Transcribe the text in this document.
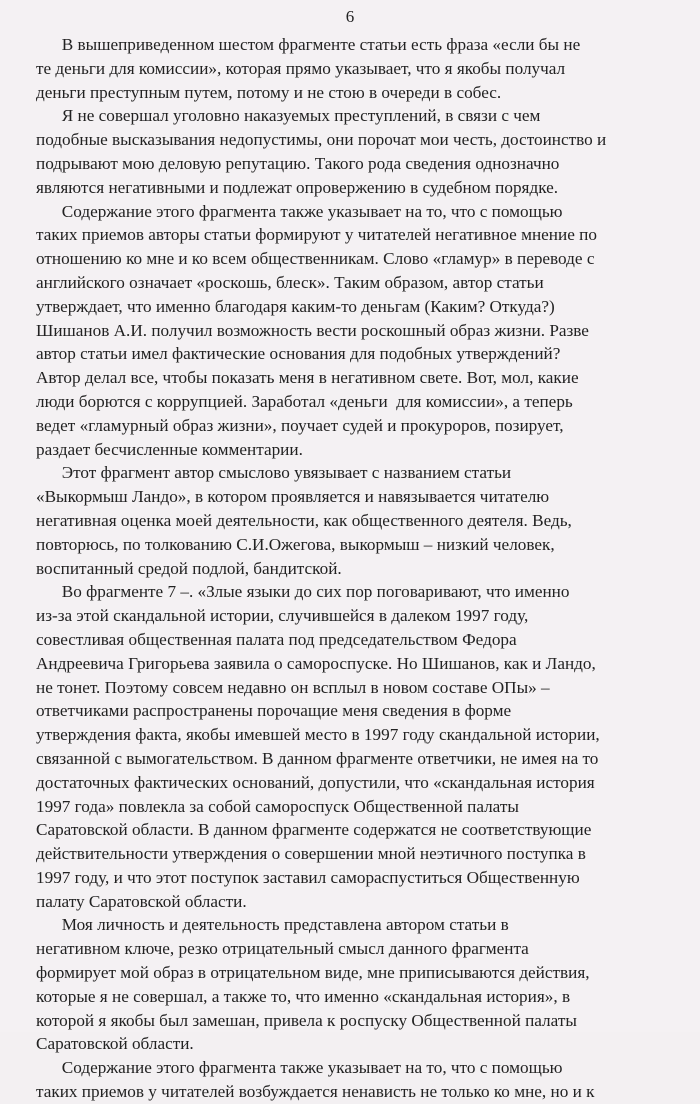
6

В вышеприведенном шестом фрагменте статьи есть фраза «если бы не
те деньги для комиссии», которая прямо указывает, что я якобы получал
деньги преступным путем, потому и не стою в очереди в собес.

Я не совершал уголовно наказуемых преступлений, в связи с чем
подобные высказывания недопустимы, они порочат мои честь, достоинство и
подрывают мою деловую репутацию. Такого рода сведения однозначно
являются негативными и подлежат опровержению в судебном порядке.

Содержание этого фрагмента также указывает на то, что с помощью
таких приемов авторы статьи формируют у читателей негативное мнение по
отношению ко мне и ко всем общественникам. Слово «гламур» в переводе с
английского означает «роскошь, блеск». Таким образом, автор статьи
утверждает, что именно благодаря каким-то деньгам (Каким? Откуда?)
Шишанов А.И. получил возможность вести роскошный образ жизни. Разве
автор статьи имел фактические основания для подобных утверждений?
Автор делал все, чтобы показать меня в негативном свете. Вот, мол, какие
люди борются с коррупцией. Заработал «деньги  для комиссии», а теперь
ведет «гламурный образ жизни», поучает судей и прокуроров, позирует,
раздает бесчисленные комментарии.

Этот фрагмент автор смыслово увязывает с названием статьи
«Выкормыш Ландо», в котором проявляется и навязывается читателю
негативная оценка моей деятельности, как общественного деятеля. Ведь,
повторюсь, по толкованию С.И.Ожегова, выкормыш – низкий человек,
воспитанный средой подлой, бандитской.

Во фрагменте 7 –. «Злые языки до сих пор поговаривают, что именно
из-за этой скандальной истории, случившейся в далеком 1997 году,
совестливая общественная палата под председательством Федора
Андреевича Григорьева заявила о самороспуске. Но Шишанов, как и Ландо,
не тонет. Поэтому совсем недавно он всплыл в новом составе ОПы» –
ответчиками распространены порочащие меня сведения в форме
утверждения факта, якобы имевшей место в 1997 году скандальной истории,
связанной с вымогательством. В данном фрагменте ответчики, не имея на то
достаточных фактических оснований, допустили, что «скандальная история
1997 года» повлекла за собой самороспуск Общественной палаты
Саратовской области. В данном фрагменте содержатся не соответствующие
действительности утверждения о совершении мной неэтичного поступка в
1997 году, и что этот поступок заставил самораспуститься Общественную
палату Саратовской области.

Моя личность и деятельность представлена автором статьи в
негативном ключе, резко отрицательный смысл данного фрагмента
формирует мой образ в отрицательном виде, мне приписываются действия,
которые я не совершал, а также то, что именно «скандальная история», в
которой я якобы был замешан, привела к роспуску Общественной палаты
Саратовской области.

Содержание этого фрагмента также указывает на то, что с помощью
таких приемов у читателей возбуждается ненависть не только ко мне, но и к
